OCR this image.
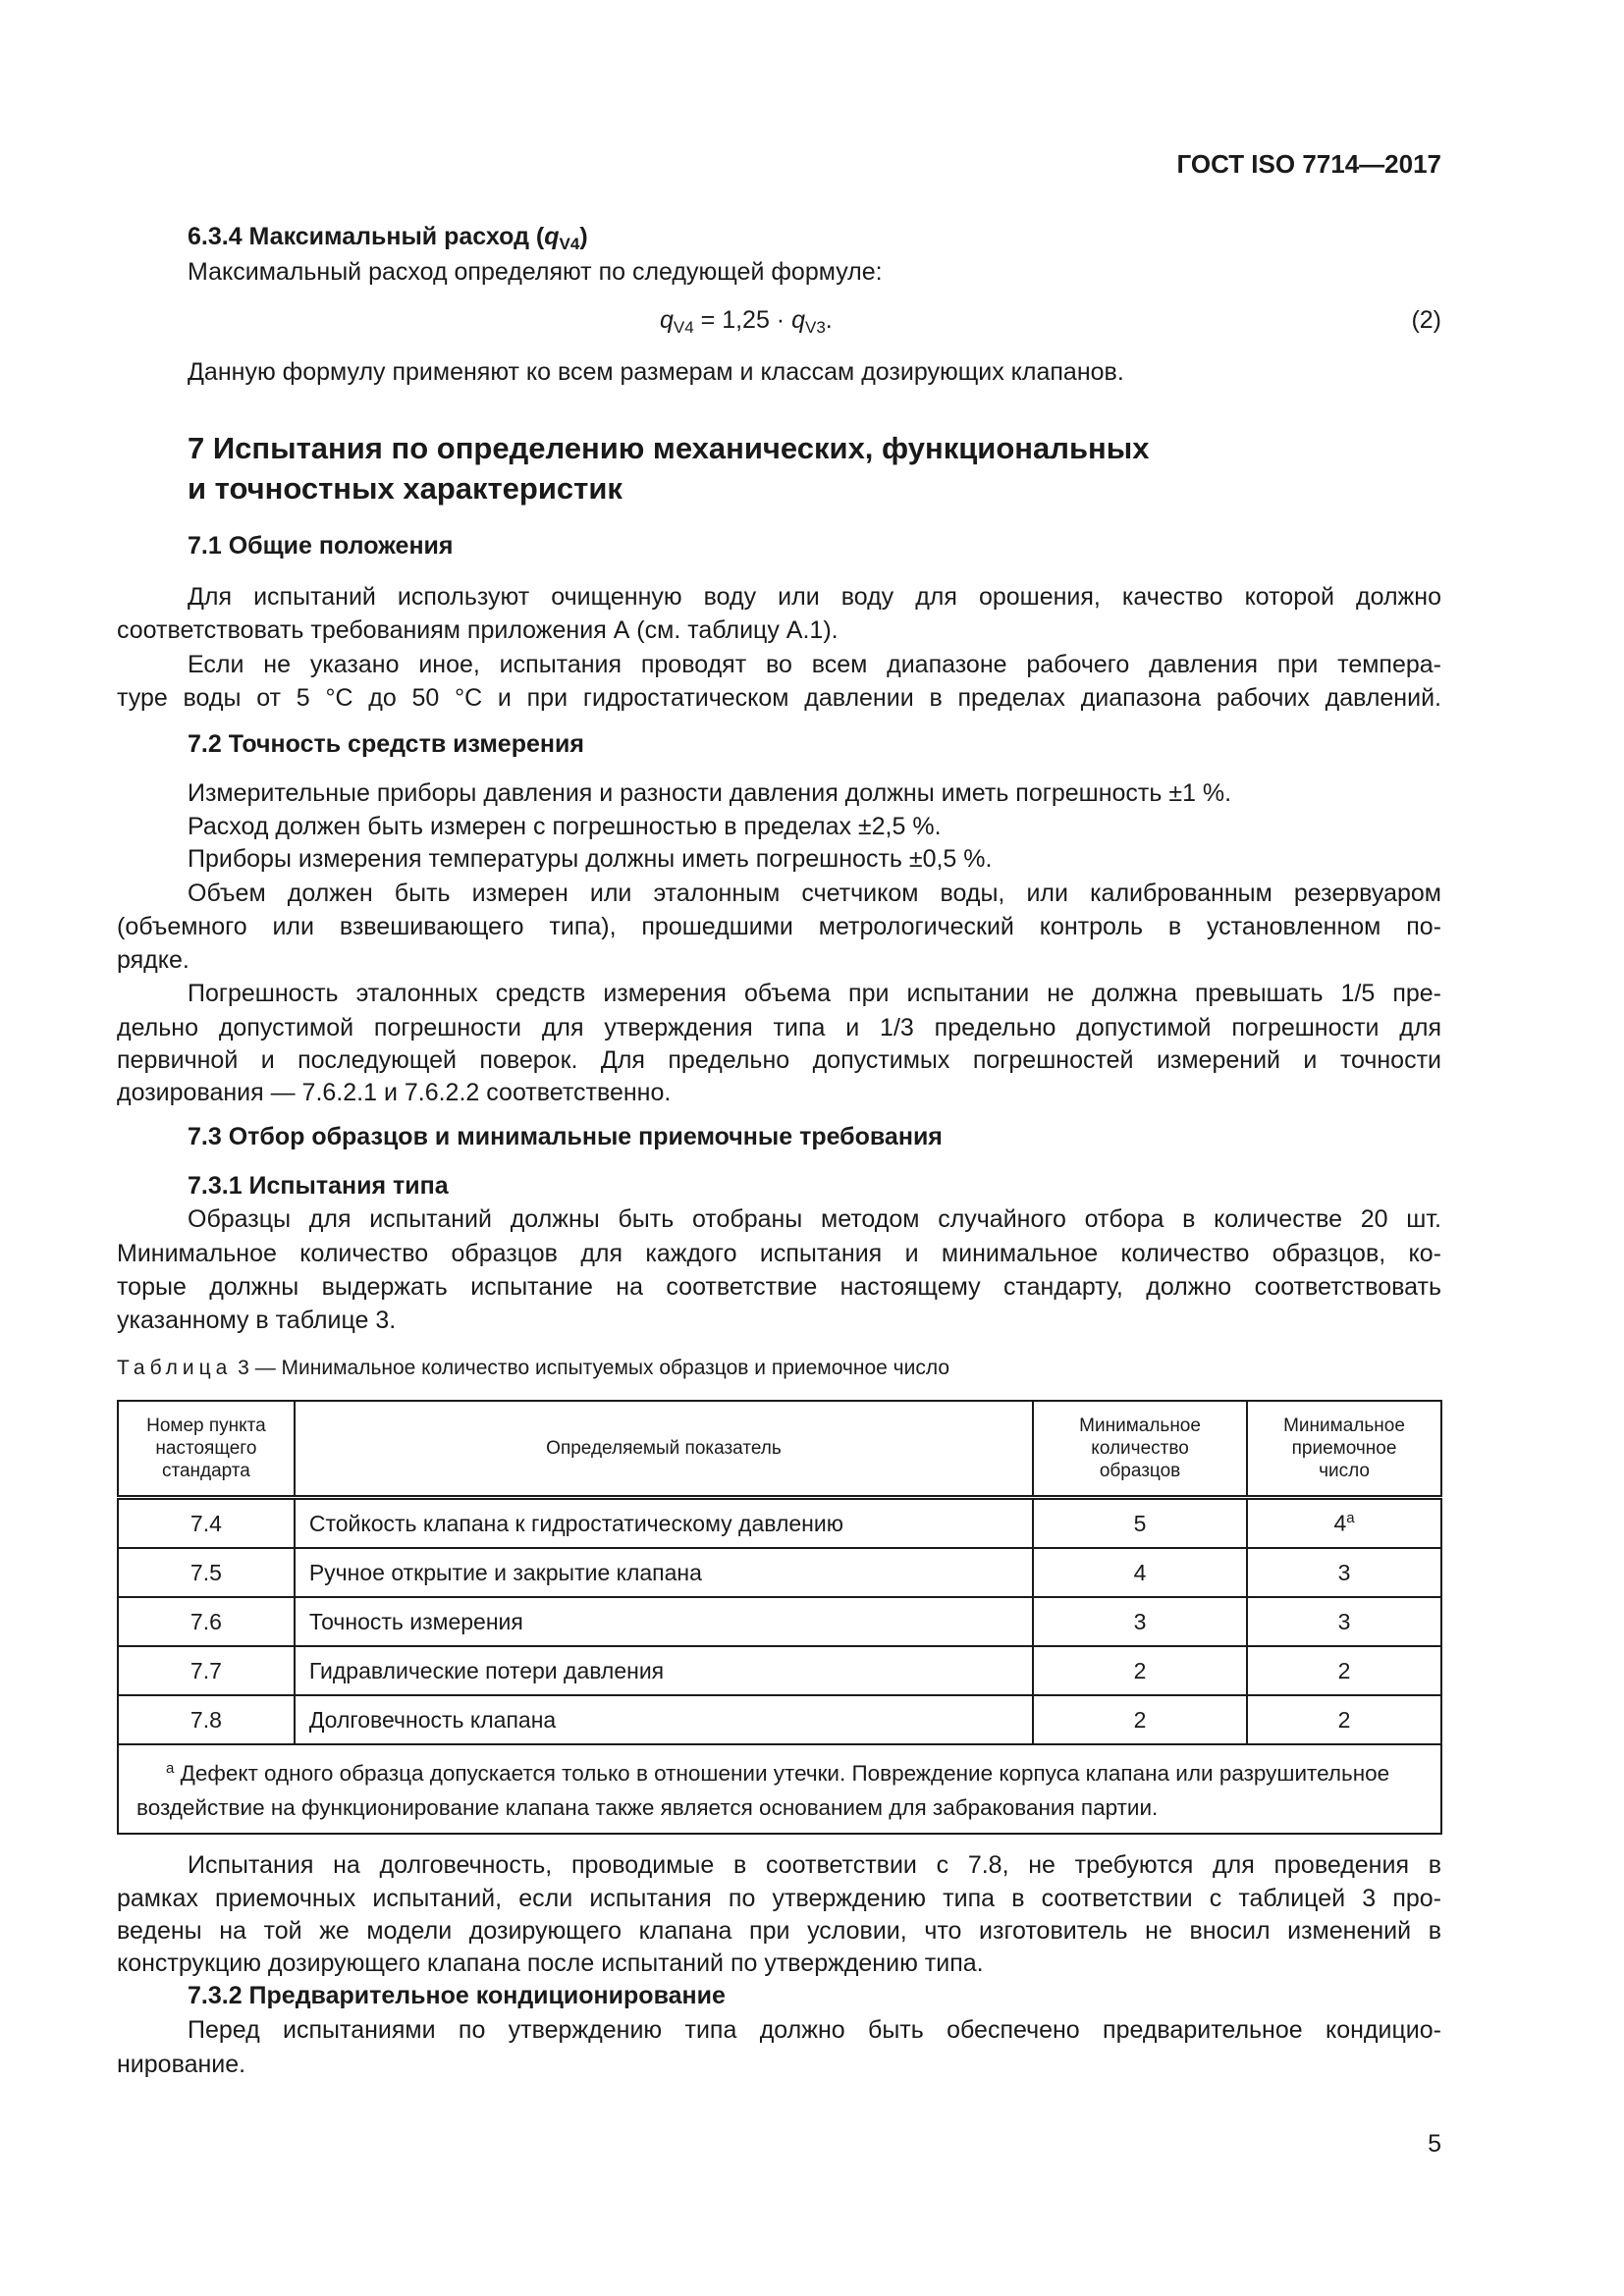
ГОСТ ISO 7714—2017
6.3.4 Максимальный расход $(q_{V4})$
Максимальный расход определяют по следующей формуле:
$q_{V4} = 1,25 \cdot q_{V3}$.	(2)
Данную формулу применяют ко всем размерам и классам дозирующих клапанов.
7 Испытания по определению механических, функциональных
и точностных характеристик
7.1 Общие положения
Для испытаний используют очищенную воду или воду для орошения, качество которой должно
соответствовать требованиям приложения А (см. таблицу А.1).
Если не указано иное, испытания проводят во всем диапазоне рабочего давления при темпера-
туре воды от 5 °С до 50 °С и при гидростатическом давлении в пределах диапазона рабочих давлений.
7.2 Точность средств измерения
Измерительные приборы давления и разности давления должны иметь погрешность ±1 %.
Расход должен быть измерен с погрешностью в пределах ±2,5 %.
Приборы измерения температуры должны иметь погрешность ±0,5 %.
Объем должен быть измерен или эталонным счетчиком воды, или калиброванным резервуаром
(объемного или взвешивающего типа), прошедшими метрологический контроль в установленном по-
рядке.
Погрешность эталонных средств измерения объема при испытании не должна превышать 1/5 пре-
дельно допустимой погрешности для утверждения типа и 1/3 предельно допустимой погрешности для
первичной и последующей поверок. Для предельно допустимых погрешностей измерений и точности
дозирования — 7.6.2.1 и 7.6.2.2 соответственно.
7.3 Отбор образцов и минимальные приемочные требования
7.3.1 Испытания типа
Образцы для испытаний должны быть отобраны методом случайного отбора в количестве 20 шт.
Минимальное количество образцов для каждого испытания и минимальное количество образцов, ко-
торые должны выдержать испытание на соответствие настоящему стандарту, должно соответствовать
указанному в таблице 3.
Таблица 3 — Минимальное количество испытуемых образцов и приемочное число
Номер пункта настоящего стандарта	Определяемый показатель	Минимальное количество образцов	Минимальное приемочное число
7.4	Стойкость клапана к гидростатическому давлению	5	$4^а$
7.5	Ручное открытие и закрытие клапана	4	3
7.6	Точность измерения	3	3
7.7	Гидравлические потери давления	2	2
7.8	Долговечность клапана	2	2
$^а$ Дефект одного образца допускается только в отношении утечки. Повреждение корпуса клапана или разрушительное воздействие на функционирование клапана также является основанием для забракования партии.			
Испытания на долговечность, проводимые в соответствии с 7.8, не требуются для проведения в
рамках приемочных испытаний, если испытания по утверждению типа в соответствии с таблицей 3 про-
ведены на той же модели дозирующего клапана при условии, что изготовитель не вносил изменений в
конструкцию дозирующего клапана после испытаний по утверждению типа.
7.3.2 Предварительное кондиционирование
Перед испытаниями по утверждению типа должно быть обеспечено предварительное кондицио-
нирование.
5
